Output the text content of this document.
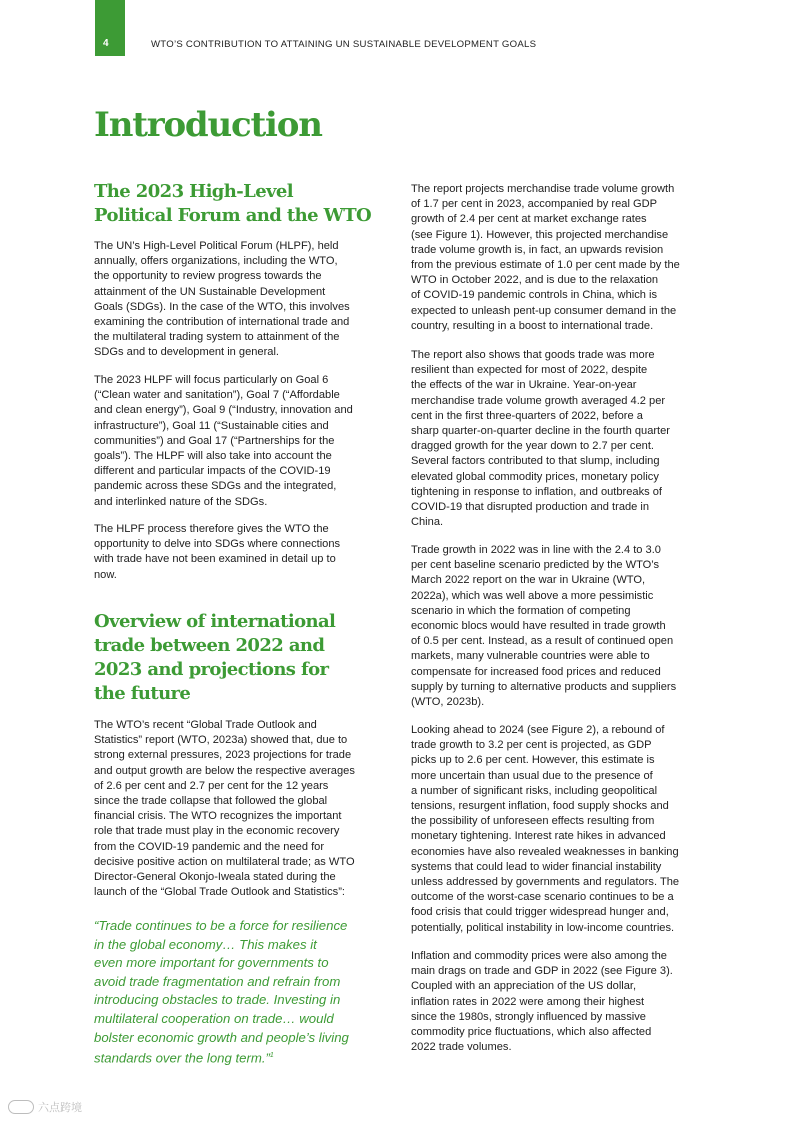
4	WTO’S CONTRIBUTION TO ATTAINING UN SUSTAINABLE DEVELOPMENT GOALS
Introduction
The 2023 High-Level
Political Forum and the WTO

The UN’s High-Level Political Forum (HLPF), held
annually, offers organizations, including the WTO,
the opportunity to review progress towards the
attainment of the UN Sustainable Development
Goals (SDGs). In the case of the WTO, this involves
examining the contribution of international trade and
the multilateral trading system to attainment of the
SDGs and to development in general.

The 2023 HLPF will focus particularly on Goal 6
(“Clean water and sanitation”), Goal 7 (“Affordable
and clean energy”), Goal 9 (“Industry, innovation and
infrastructure”), Goal 11 (“Sustainable cities and
communities”) and Goal 17 (“Partnerships for the
goals”). The HLPF will also take into account the
different and particular impacts of the COVID-19
pandemic across these SDGs and the integrated,
and interlinked nature of the SDGs.

The HLPF process therefore gives the WTO the
opportunity to delve into SDGs where connections
with trade have not been examined in detail up to
now.

Overview of international
trade between 2022 and
2023 and projections for
the future

The WTO’s recent “Global Trade Outlook and
Statistics” report (WTO, 2023a) showed that, due to
strong external pressures, 2023 projections for trade
and output growth are below the respective averages
of 2.6 per cent and 2.7 per cent for the 12 years
since the trade collapse that followed the global
financial crisis. The WTO recognizes the important
role that trade must play in the economic recovery
from the COVID-19 pandemic and the need for
decisive positive action on multilateral trade; as WTO
Director-General Okonjo-Iweala stated during the
launch of the “Global Trade Outlook and Statistics”:

“Trade continues to be a force for resilience
in the global economy… This makes it
even more important for governments to
avoid trade fragmentation and refrain from
introducing obstacles to trade. Investing in
multilateral cooperation on trade… would
bolster economic growth and people’s living
standards over the long term.”$^1$

The report projects merchandise trade volume growth
of 1.7 per cent in 2023, accompanied by real GDP
growth of 2.4 per cent at market exchange rates
(see Figure 1). However, this projected merchandise
trade volume growth is, in fact, an upwards revision
from the previous estimate of 1.0 per cent made by the
WTO in October 2022, and is due to the relaxation
of COVID-19 pandemic controls in China, which is
expected to unleash pent-up consumer demand in the
country, resulting in a boost to international trade.

The report also shows that goods trade was more
resilient than expected for most of 2022, despite
the effects of the war in Ukraine. Year-on-year
merchandise trade volume growth averaged 4.2 per
cent in the first three-quarters of 2022, before a
sharp quarter-on-quarter decline in the fourth quarter
dragged growth for the year down to 2.7 per cent.
Several factors contributed to that slump, including
elevated global commodity prices, monetary policy
tightening in response to inflation, and outbreaks of
COVID-19 that disrupted production and trade in
China.

Trade growth in 2022 was in line with the 2.4 to 3.0
per cent baseline scenario predicted by the WTO’s
March 2022 report on the war in Ukraine (WTO,
2022a), which was well above a more pessimistic
scenario in which the formation of competing
economic blocs would have resulted in trade growth
of 0.5 per cent. Instead, as a result of continued open
markets, many vulnerable countries were able to
compensate for increased food prices and reduced
supply by turning to alternative products and suppliers
(WTO, 2023b).

Looking ahead to 2024 (see Figure 2), a rebound of
trade growth to 3.2 per cent is projected, as GDP
picks up to 2.6 per cent. However, this estimate is
more uncertain than usual due to the presence of
a number of significant risks, including geopolitical
tensions, resurgent inflation, food supply shocks and
the possibility of unforeseen effects resulting from
monetary tightening. Interest rate hikes in advanced
economies have also revealed weaknesses in banking
systems that could lead to wider financial instability
unless addressed by governments and regulators. The
outcome of the worst-case scenario continues to be a
food crisis that could trigger widespread hunger and,
potentially, political instability in low-income countries.

Inflation and commodity prices were also among the
main drags on trade and GDP in 2022 (see Figure 3).
Coupled with an appreciation of the US dollar,
inflation rates in 2022 were among their highest
since the 1980s, strongly influenced by massive
commodity price fluctuations, which also affected
2022 trade volumes.

六点跨境
